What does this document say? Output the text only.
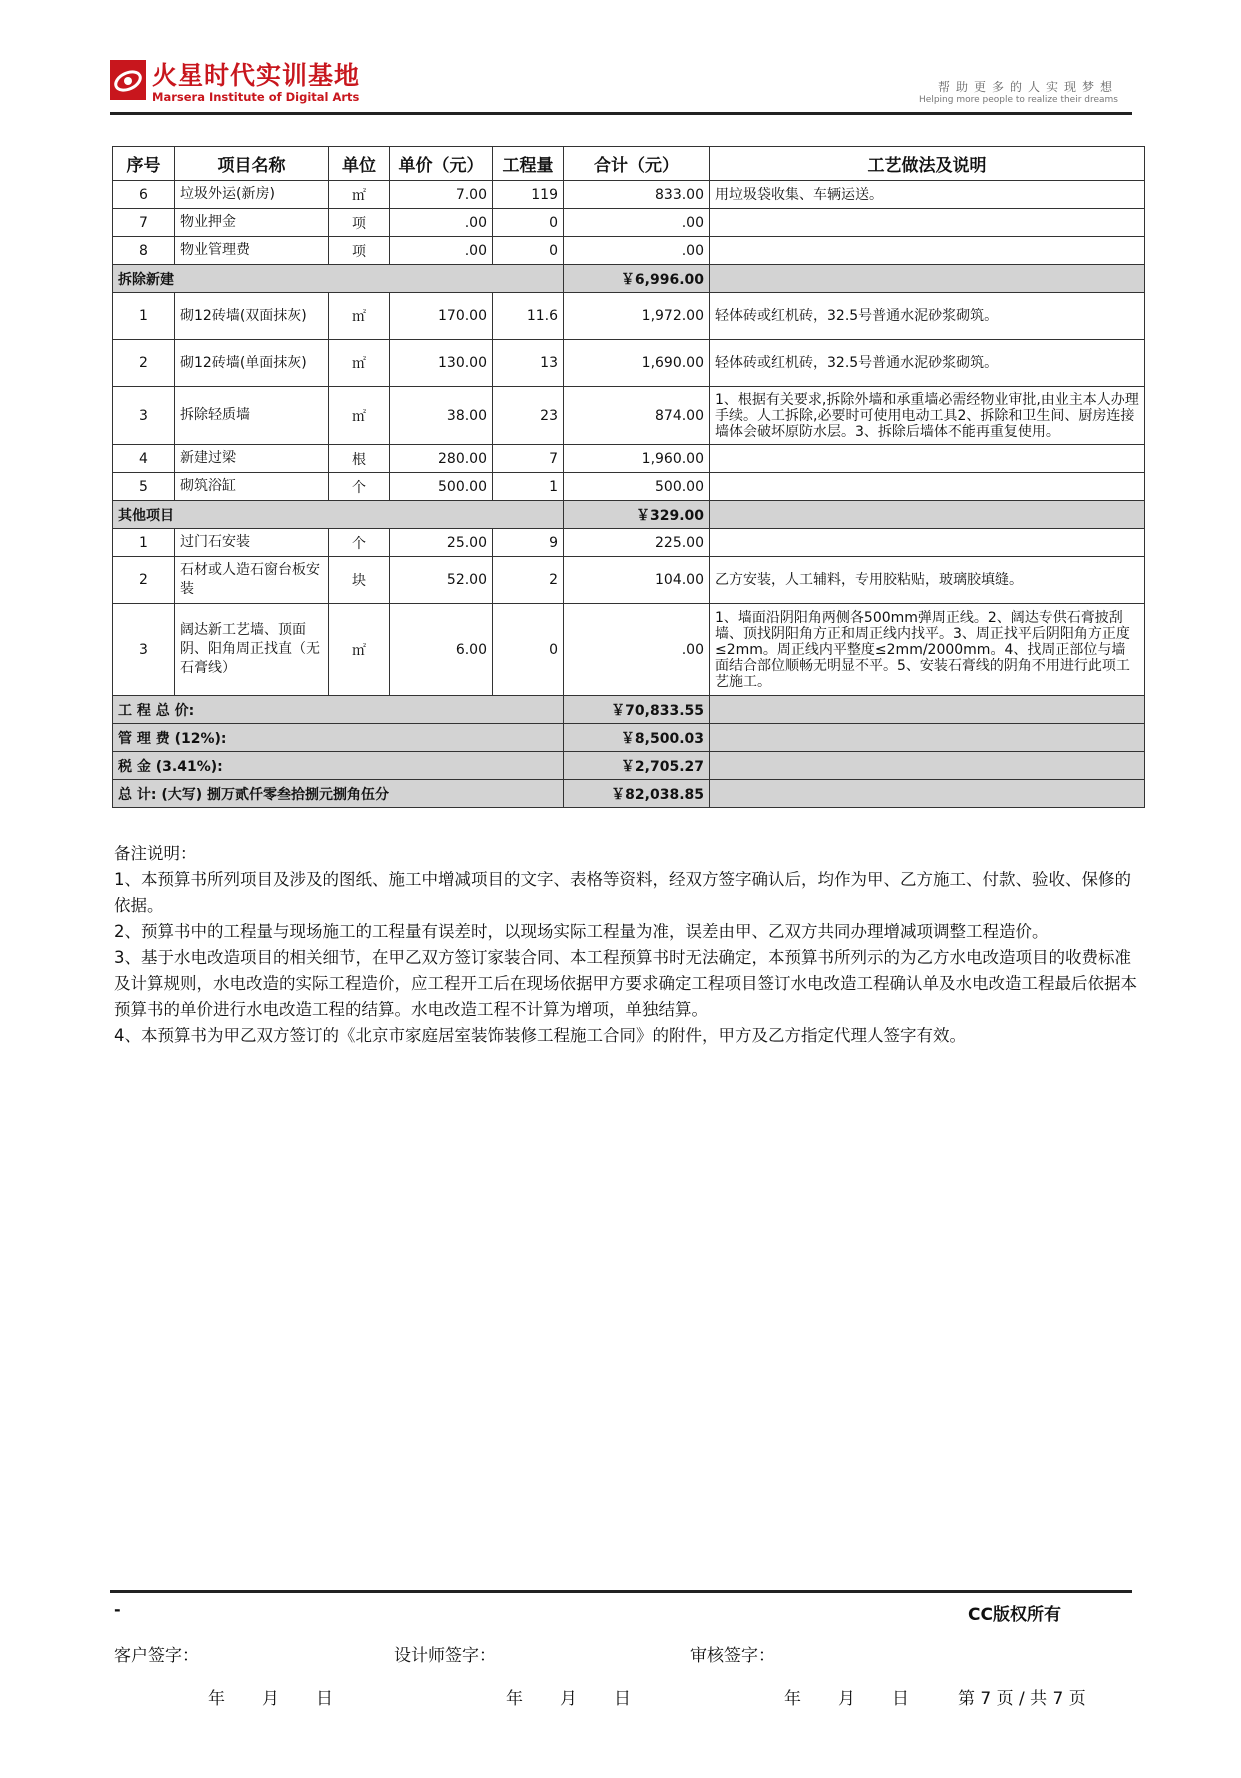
火星时代实训基地
Marsera Institute of Digital Arts
帮助更多的人实现梦想
Helping more people to realize their dreams
序号	项目名称	单位	单价（元）	工程量	合计（元）	工艺做法及说明
6	垃圾外运(新房)	㎡	7.00	119	833.00	用垃圾袋收集、车辆运送。
7	物业押金	项	.00	0	.00	
8	物业管理费	项	.00	0	.00	
拆除新建					￥6,996.00	
1	砌12砖墙(双面抹灰)	㎡	170.00	11.6	1,972.00	轻体砖或红机砖，32.5号普通水泥砂浆砌筑。
2	砌12砖墙(单面抹灰)	㎡	130.00	13	1,690.00	轻体砖或红机砖，32.5号普通水泥砂浆砌筑。
3	拆除轻质墙	㎡	38.00	23	874.00	1、根据有关要求,拆除外墙和承重墙必需经物业审批,由业主本人办理手续。人工拆除,必要时可使用电动工具2、拆除和卫生间、厨房连接墙体会破坏原防水层。3、拆除后墙体不能再重复使用。
4	新建过梁	根	280.00	7	1,960.00	
5	砌筑浴缸	个	500.00	1	500.00	
其他项目					￥329.00	
1	过门石安装	个	25.00	9	225.00	
2	石材或人造石窗台板安装	块	52.00	2	104.00	乙方安装，人工辅料，专用胶粘贴，玻璃胶填缝。
3	阔达新工艺墙、顶面阴、阳角周正找直（无石膏线）	㎡	6.00	0	.00	1、墙面沿阴阳角两侧各500mm弹周正线。2、阔达专供石膏披刮墙、顶找阴阳角方正和周正线内找平。3、周正找平后阴阳角方正度≤2mm。周正线内平整度≤2mm/2000mm。4、找周正部位与墙面结合部位顺畅无明显不平。5、安装石膏线的阴角不用进行此项工艺施工。
工 程 总 价:					￥70,833.55	
管 理 费 (12%):					￥8,500.03	
税 金 (3.41%):					￥2,705.27	
总 计: (大写) 捌万贰仟零叁拾捌元捌角伍分					￥82,038.85	
备注说明：
1、本预算书所列项目及涉及的图纸、施工中增减项目的文字、表格等资料，经双方签字确认后，均作为甲、乙方施工、付款、验收、保修的依据。
2、预算书中的工程量与现场施工的工程量有误差时，以现场实际工程量为准，误差由甲、乙双方共同办理增减项调整工程造价。
3、基于水电改造项目的相关细节，在甲乙双方签订家装合同、本工程预算书时无法确定，本预算书所列示的为乙方水电改造项目的收费标准及计算规则，水电改造的实际工程造价，应工程开工后在现场依据甲方要求确定工程项目签订水电改造工程确认单及水电改造工程最后依据本预算书的单价进行水电改造工程的结算。水电改造工程不计算为增项，单独结算。
4、本预算书为甲乙双方签订的《北京市家庭居室装饰装修工程施工合同》的附件，甲方及乙方指定代理人签字有效。
-	CC版权所有
客户签字：	设计师签字：	审核签字：
年　　月　　日	年　　月　　日	年　　月　　日	第 7 页 / 共 7 页
